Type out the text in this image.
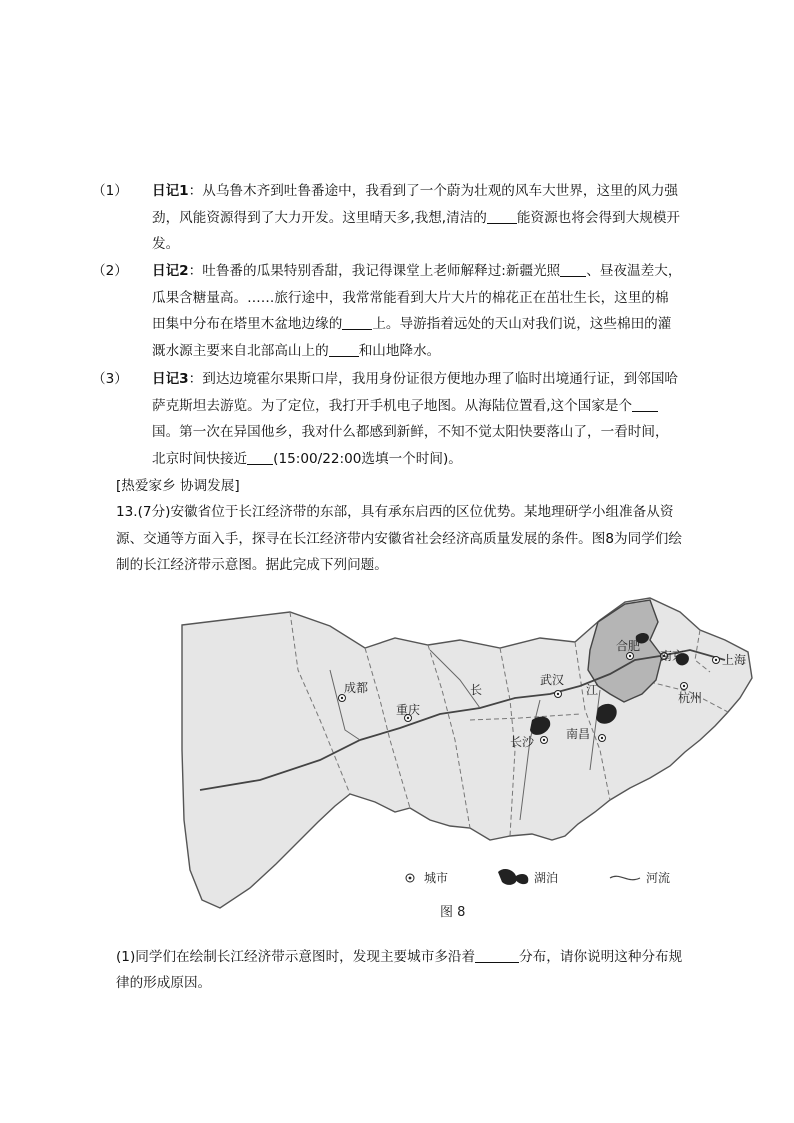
（1） 日记1：从乌鲁木齐到吐鲁番途中，我看到了一个蔚为壮观的风车大世界，这里的风力强劲，风能资源得到了大力开发。这里晴天多,我想,清洁的 能资源也将会得到大规模开发。
（2） 日记2：吐鲁番的瓜果特别香甜，我记得课堂上老师解释过:新疆光照 、昼夜温差大，瓜果含糖量高。……旅行途中，我常常能看到大片大片的棉花正在茁壮生长，这里的棉田集中分布在塔里木盆地边缘的 上。导游指着远处的天山对我们说，这些棉田的灌溉水源主要来自北部高山上的 和山地降水。
（3） 日记3：到达边境霍尔果斯口岸，我用身份证很方便地办理了临时出境通行证，到邻国哈萨克斯坦去游览。为了定位，我打开手机电子地图。从海陆位置看,这个国家是个国。第一次在异国他乡，我对什么都感到新鲜，不知不觉太阳快要落山了，一看时间，北京时间快接近 (15:00/22:00选填一个时间)。
[热爱家乡 协调发展]
13.(7分)安徽省位于长江经济带的东部，具有承东启西的区位优势。某地理研学小组准备从资源、交通等方面入手，探寻在长江经济带内安徽省社会经济高质量发展的条件。图8为同学们绘制的长江经济带示意图。据此完成下列问题。
成都
重庆
武汉
长沙
南昌
合肥
南京	上海
杭州
长	江
城市	湖泊	河流
图 8
(1)同学们在绘制长江经济带示意图时，发现主要城市多沿着	分布，请你说明这种分布规律的形成原因。
